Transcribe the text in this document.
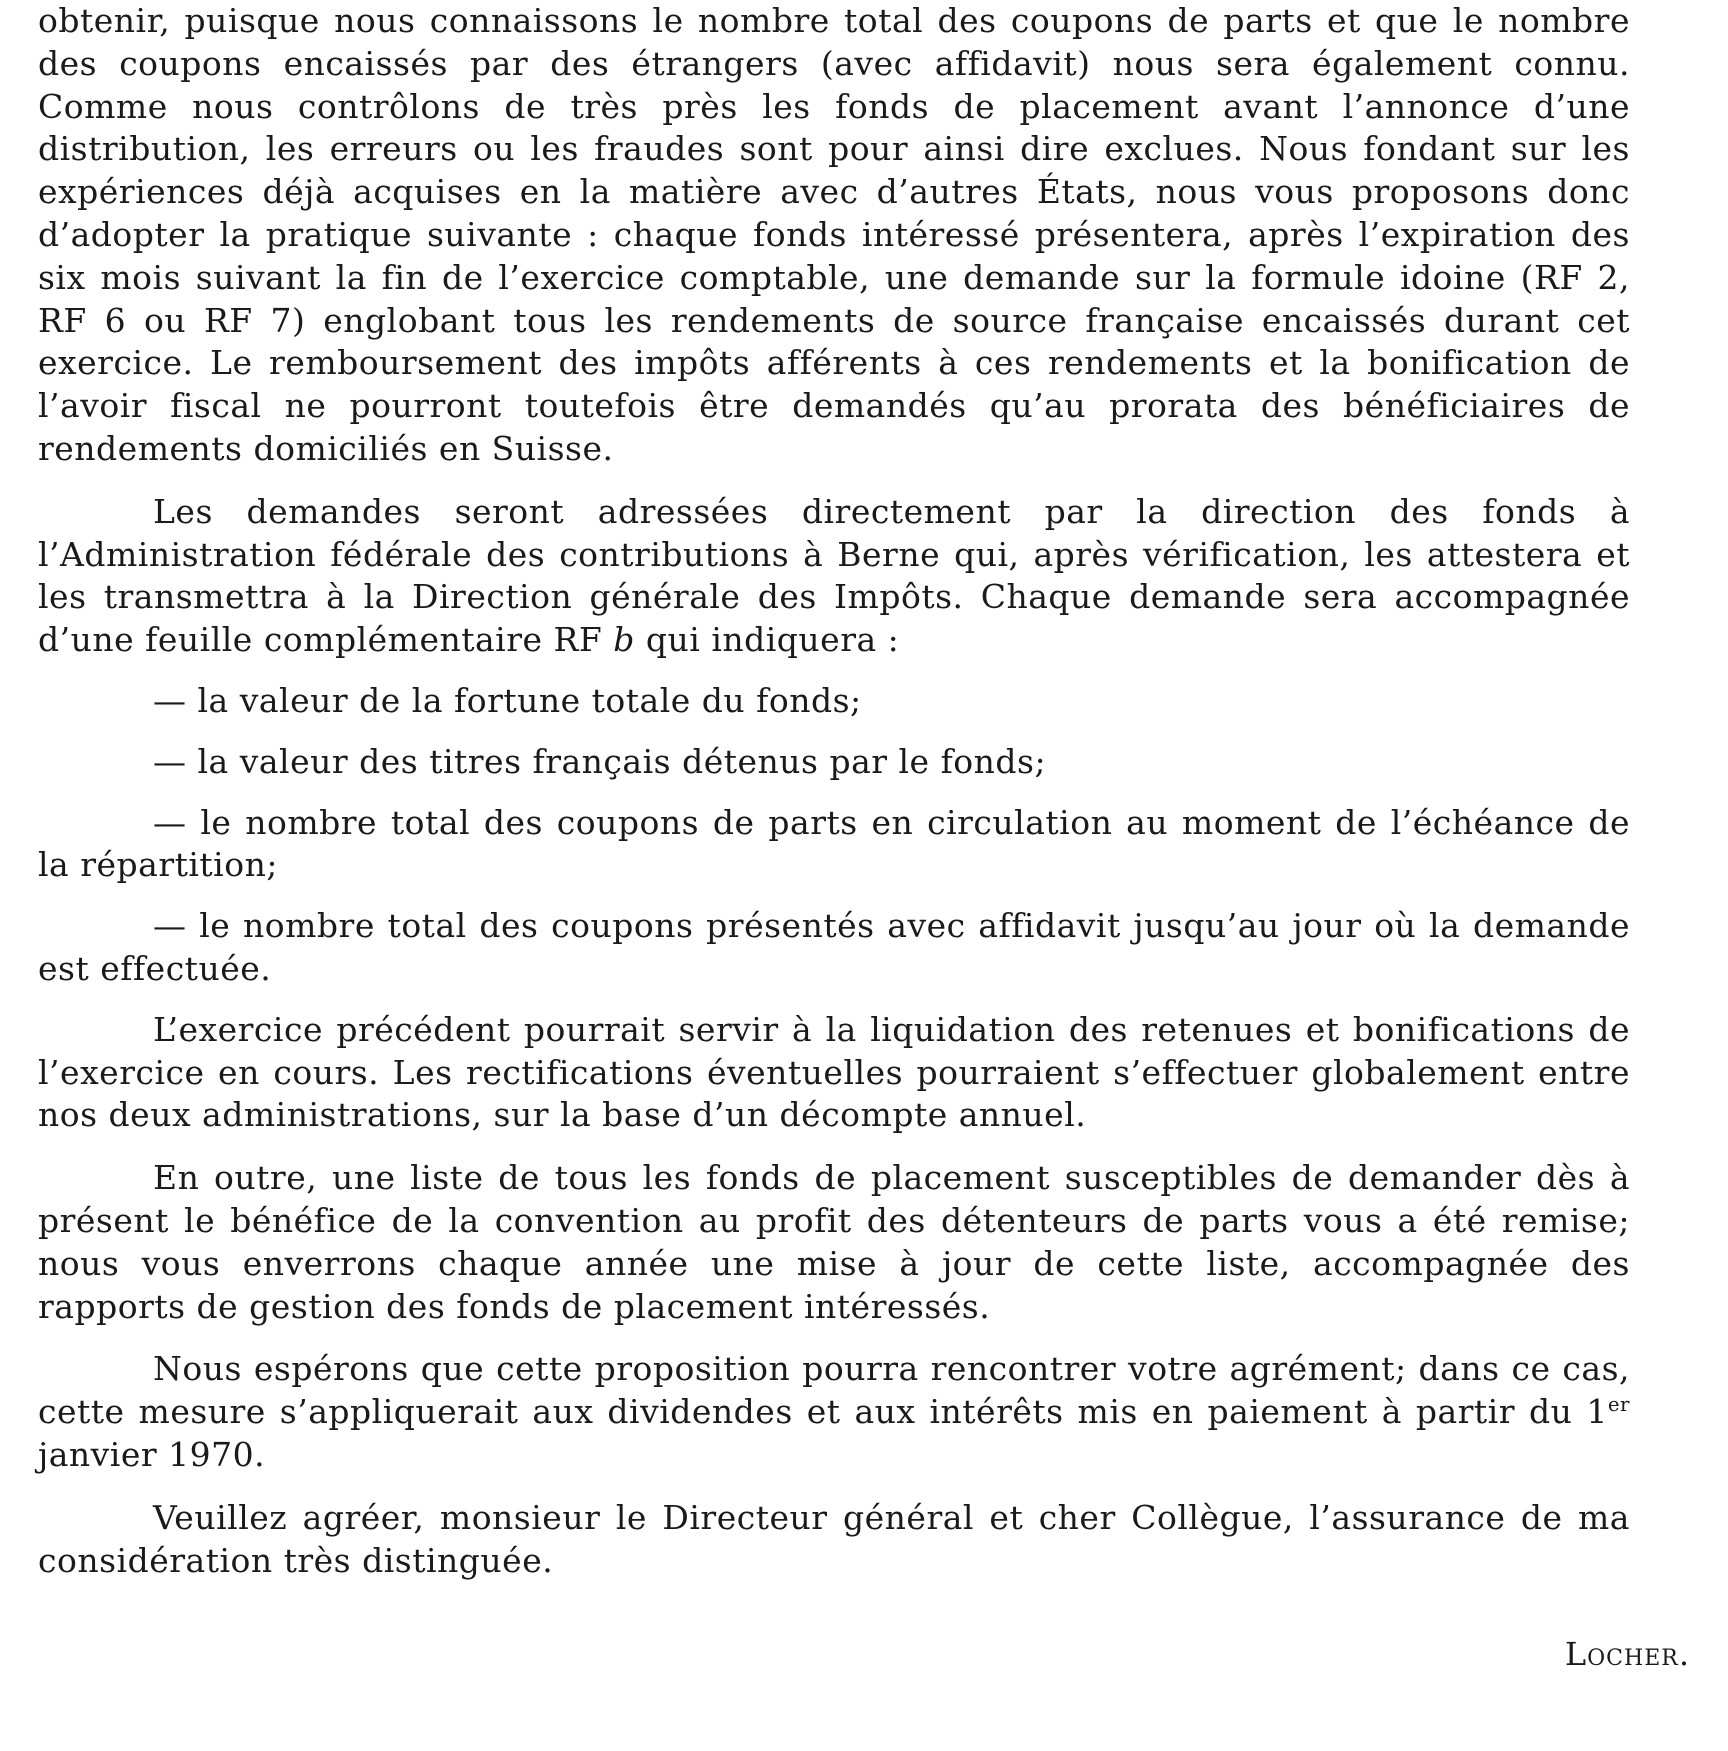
obtenir, puisque nous connaissons le nombre total des coupons de parts et que le nombre des coupons encaissés par des étrangers (avec affidavit) nous sera également connu. Comme nous contrôlons de très près les fonds de placement avant l’annonce d’une distribution, les erreurs ou les fraudes sont pour ainsi dire exclues. Nous fondant sur les expériences déjà acquises en la matière avec d’autres États, nous vous proposons donc d’adopter la pratique suivante : chaque fonds intéressé présentera, après l’expiration des six mois suivant la fin de l’exercice comptable, une demande sur la formule idoine (RF 2, RF 6 ou RF 7) englobant tous les rendements de source française encaissés durant cet exercice. Le remboursement des impôts afférents à ces rendements et la bonification de l’avoir fiscal ne pourront toutefois être demandés qu’au prorata des bénéficiaires de rendements domiciliés en Suisse.

Les demandes seront adressées directement par la direction des fonds à l’Administration fédérale des contributions à Berne qui, après vérification, les attestera et les transmettra à la Direction générale des Impôts. Chaque demande sera accompagnée d’une feuille complémentaire RF b qui indiquera :

— la valeur de la fortune totale du fonds;

— la valeur des titres français détenus par le fonds;

— le nombre total des coupons de parts en circulation au moment de l’échéance de la répartition;

— le nombre total des coupons présentés avec affidavit jusqu’au jour où la demande est effectuée.

L’exercice précédent pourrait servir à la liquidation des retenues et bonifications de l’exercice en cours. Les rectifications éventuelles pourraient s’effectuer globalement entre nos deux administrations, sur la base d’un décompte annuel.

En outre, une liste de tous les fonds de placement susceptibles de demander dès à présent le bénéfice de la convention au profit des détenteurs de parts vous a été remise; nous vous enverrons chaque année une mise à jour de cette liste, accompagnée des rapports de gestion des fonds de placement intéressés.

Nous espérons que cette proposition pourra rencontrer votre agrément; dans ce cas, cette mesure s’appliquerait aux dividendes et aux intérêts mis en paiement à partir du 1er janvier 1970.

Veuillez agréer, monsieur le Directeur général et cher Collègue, l’assurance de ma considération très distinguée.

Locher.
